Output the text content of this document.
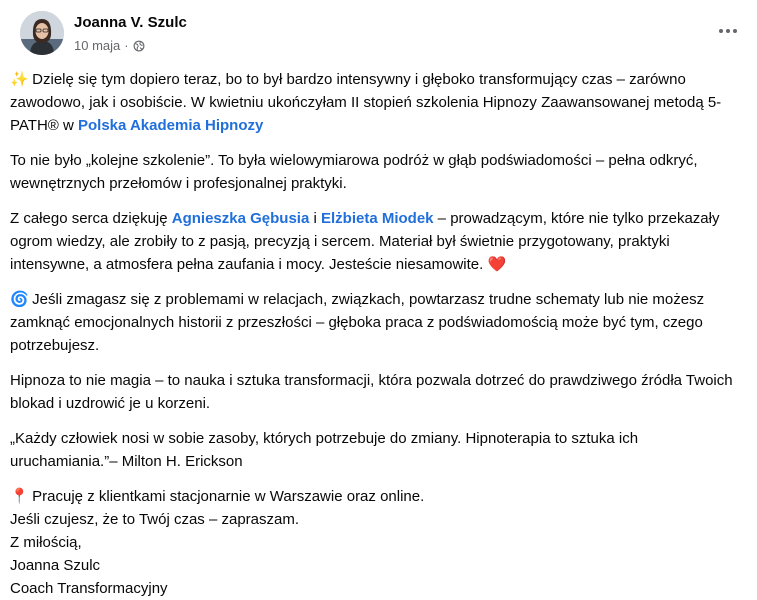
Joanna V. Szulc
10 maja ·

✨ Dzielę się tym dopiero teraz, bo to był bardzo intensywny i głęboko transformujący czas – zarówno zawodowo, jak i osobiście. W kwietniu ukończyłam II stopień szkolenia Hipnozy Zaawansowanej metodą 5-PATH® w Polska Akademia Hipnozy

To nie było „kolejne szkolenie”. To była wielowymiarowa podróż w głąb podświadomości – pełna odkryć, wewnętrznych przełomów i profesjonalnej praktyki.

Z całego serca dziękuję Agnieszka Gębusia i Elżbieta Miodek – prowadzącym, które nie tylko przekazały ogrom wiedzy, ale zrobiły to z pasją, precyzją i sercem. Materiał był świetnie przygotowany, praktyki intensywne, a atmosfera pełna zaufania i mocy. Jesteście niesamowite. ❤️

🌀 Jeśli zmagasz się z problemami w relacjach, związkach, powtarzasz trudne schematy lub nie możesz zamknąć emocjonalnych historii z przeszłości – głęboka praca z podświadomością może być tym, czego potrzebujesz.

Hipnoza to nie magia – to nauka i sztuka transformacji, która pozwala dotrzeć do prawdziwego źródła Twoich blokad i uzdrowić je u korzeni.

„Każdy człowiek nosi w sobie zasoby, których potrzebuje do zmiany. Hipnoterapia to sztuka ich uruchamiania.”– Milton H. Erickson

📍 Pracuję z klientkami stacjonarnie w Warszawie oraz online.
Jeśli czujesz, że to Twój czas – zapraszam.
Z miłością,
Joanna Szulc
Coach Transformacyjny
